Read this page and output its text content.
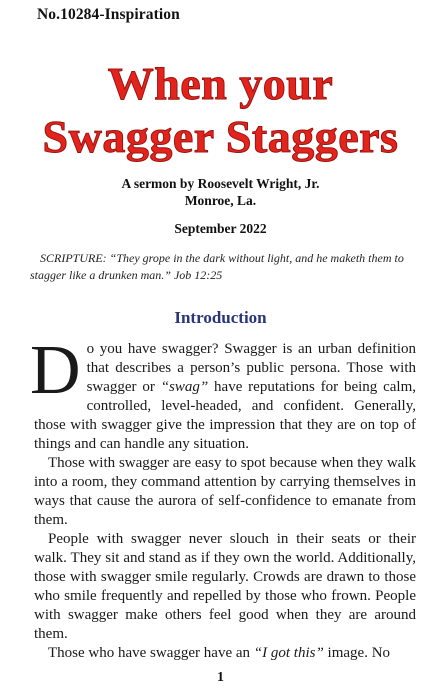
No.10284-Inspiration
When your
Swagger Staggers
A sermon by Roosevelt Wright, Jr.
Monroe, La.
September 2022
SCRIPTURE: “They grope in the dark without light, and he maketh them to stagger like a drunken man.” Job 12:25
Introduction

Do you have swagger? Swagger is an urban definition that describes a person’s public persona. Those with swagger or “swag” have reputations for being calm, controlled, level-headed, and confident. Generally, those with swagger give the impression that they are on top of things and can handle any situation.

Those with swagger are easy to spot because when they walk into a room, they command attention by carrying themselves in ways that cause the aurora of self-confidence to emanate from them.

People with swagger never slouch in their seats or their walk. They sit and stand as if they own the world. Additionally, those with swagger smile regularly. Crowds are drawn to those who smile frequently and repelled by those who frown. People with swagger make others feel good when they are around them.

Those who have swagger have an “I got this” image. No

1
